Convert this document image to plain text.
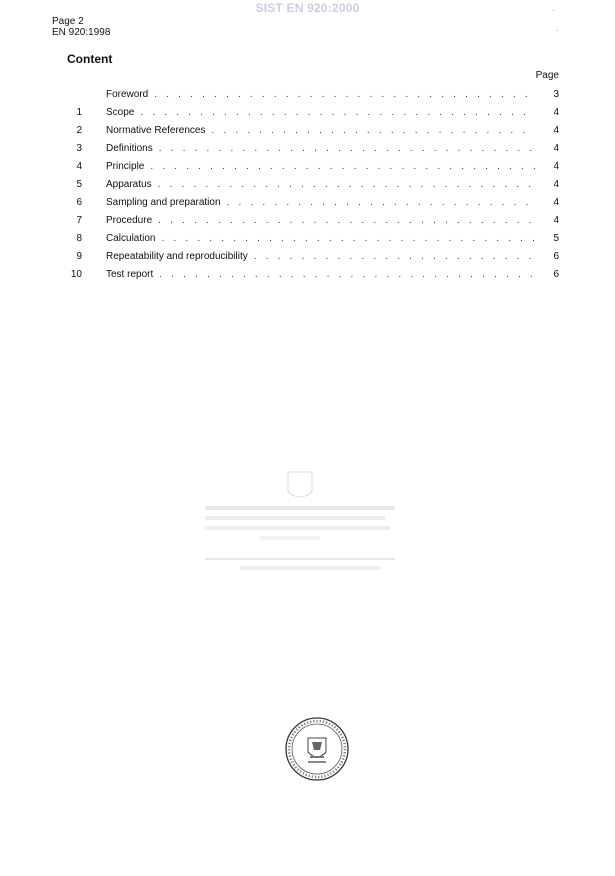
SIST EN 920:2000
Page 2
EN 920:1998
Content
Page
Foreword . . .	3
1 Scope . . .	4
2 Normative References . . .	4
3 Definitions . . .	4
4 Principle . . .	4
5 Apparatus . . .	4
6 Sampling and preparation . . .	4
7 Procedure . . .	4
8 Calculation . . .	5
9 Repeatability and reproducibility . . .	6
10 Test report . . .	6
·
·
